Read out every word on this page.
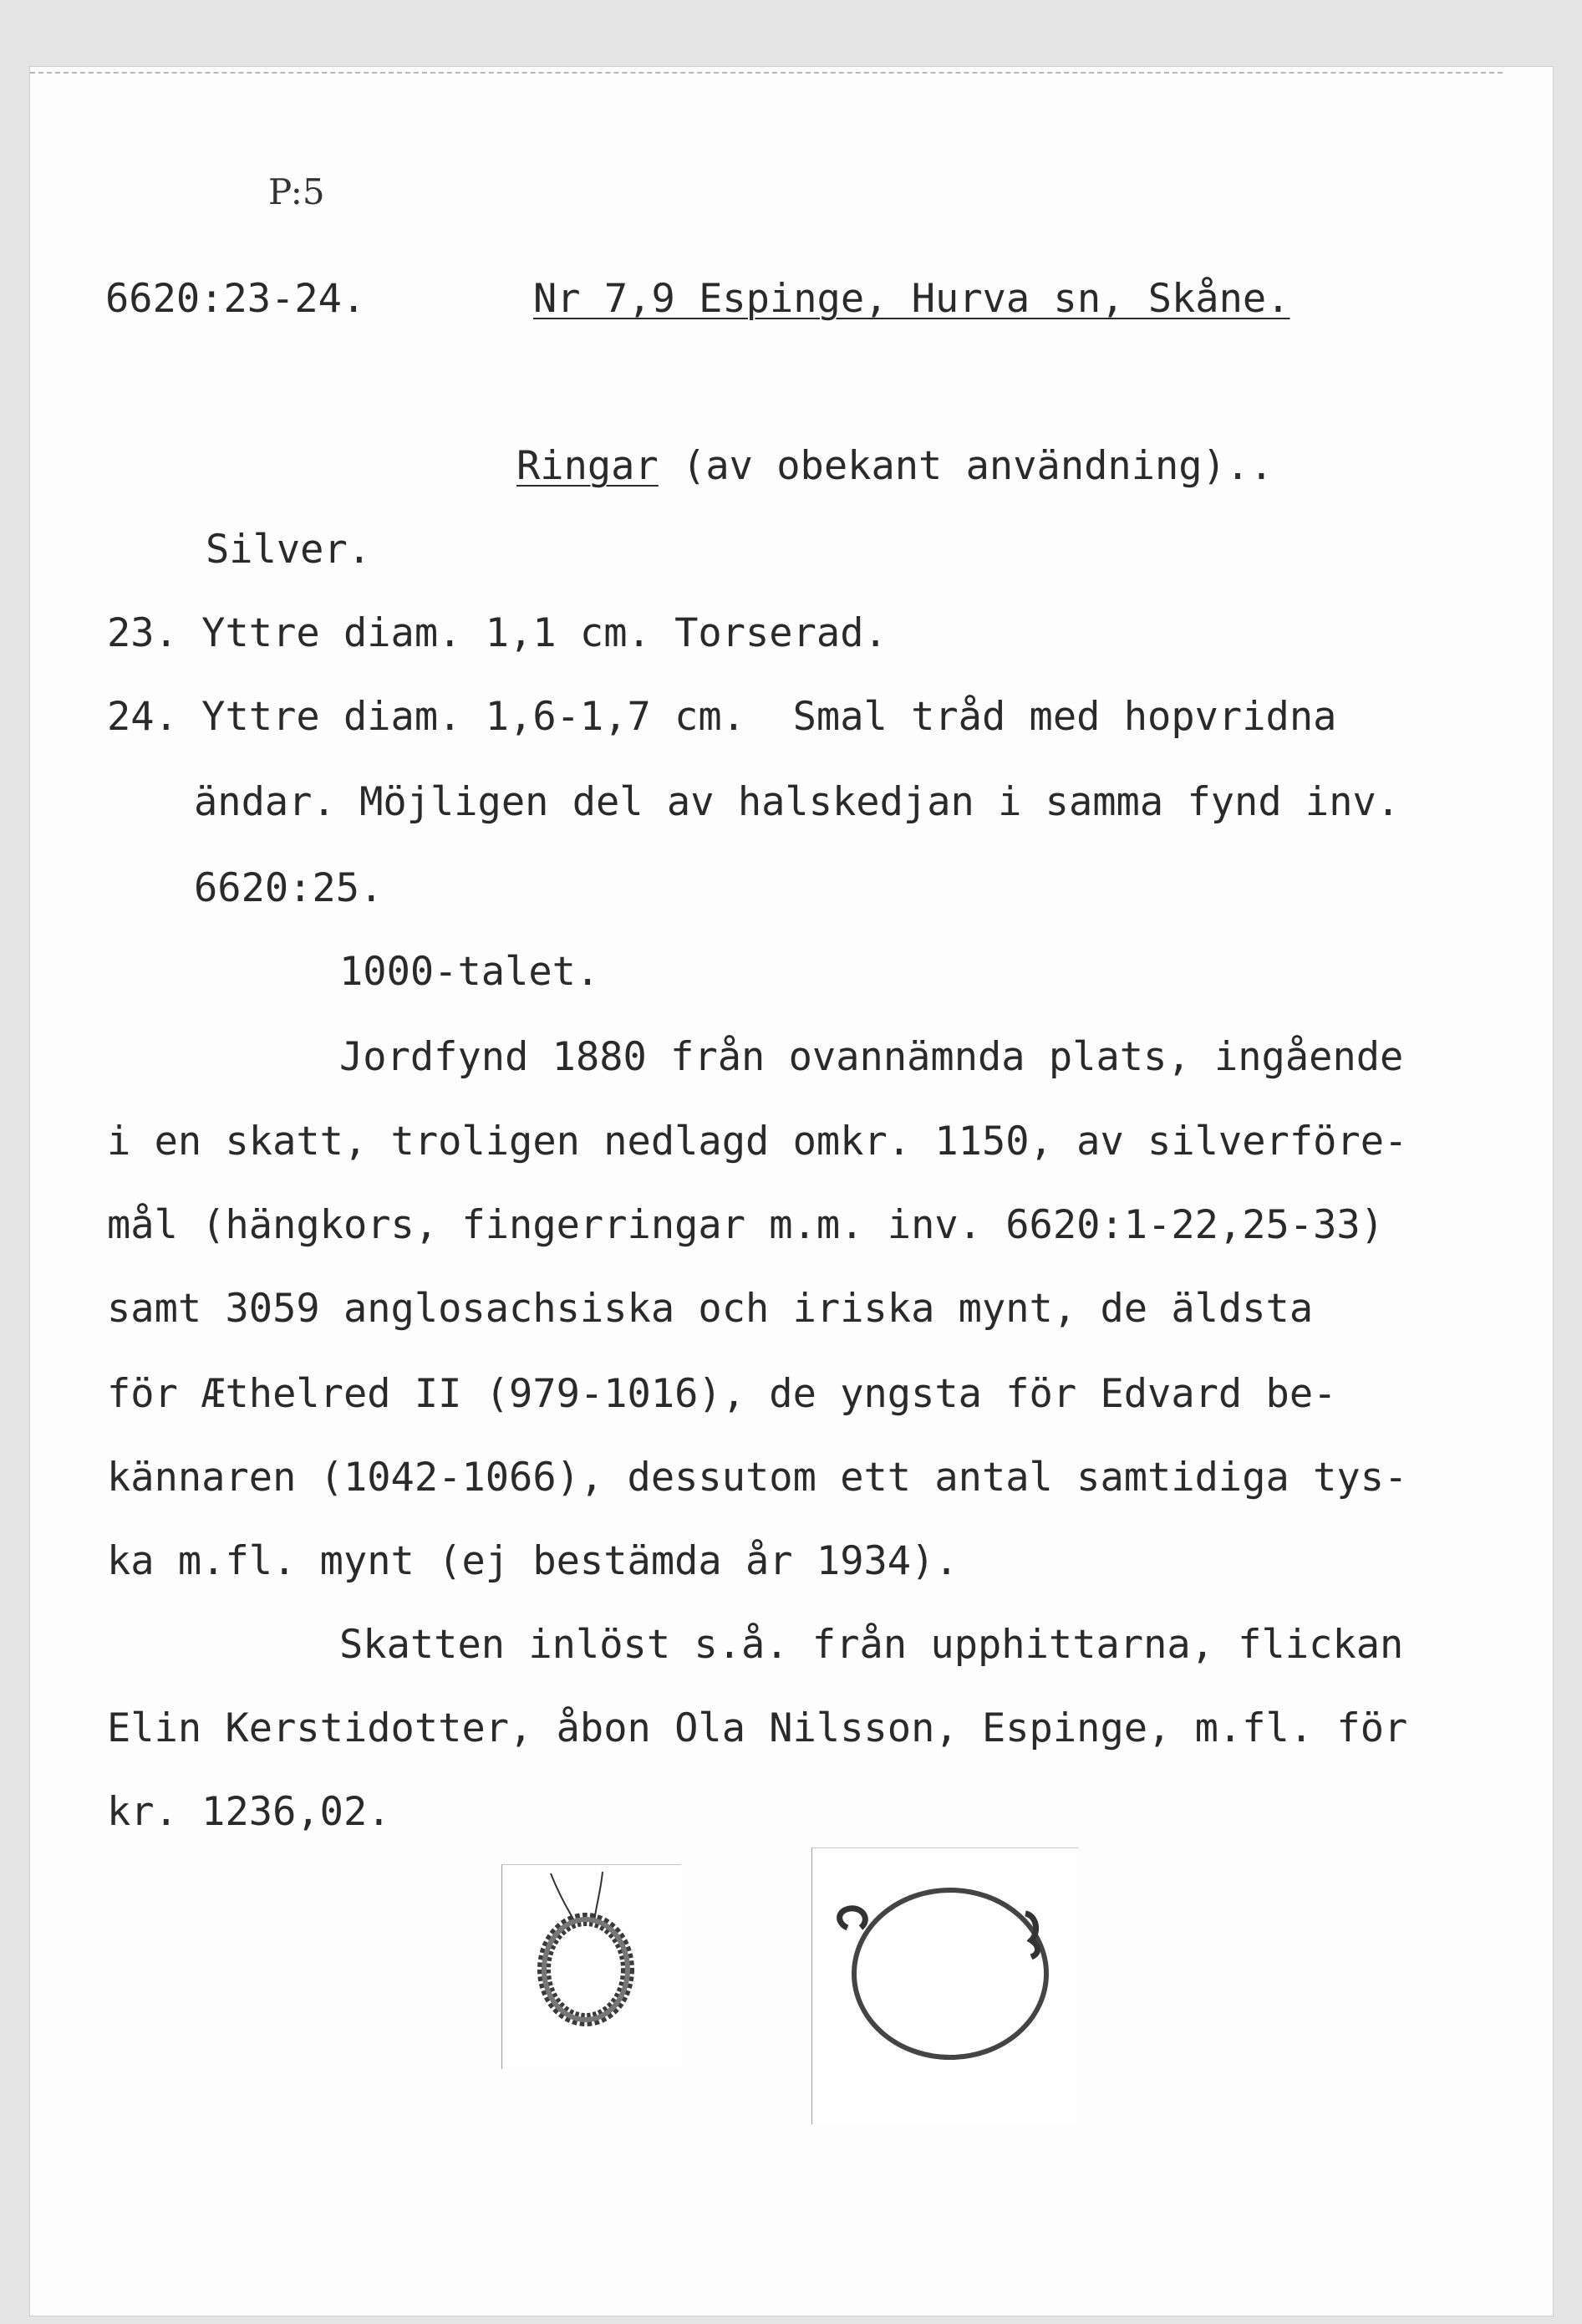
P:5
6620:23-24.	Nr 7,9 Espinge, Hurva sn, Skåne.
Ringar (av obekant användning)..
Silver.
23. Yttre diam. 1,1 cm. Torserad.
24. Yttre diam. 1,6-1,7 cm.  Smal tråd med hopvridna
ändar. Möjligen del av halskedjan i samma fynd inv.
6620:25.
1000-talet.
Jordfynd 1880 från ovannämnda plats, ingående
i en skatt, troligen nedlagd omkr. 1150, av silverföre-
mål (hängkors, fingerringar m.m. inv. 6620:1-22,25-33)
samt 3059 anglosachsiska och iriska mynt, de äldsta
för Æthelred II (979-1016), de yngsta för Edvard be-
kännaren (1042-1066), dessutom ett antal samtidiga tys-
ka m.fl. mynt (ej bestämda år 1934).
Skatten inlöst s.å. från upphittarna, flickan
Elin Kerstidotter, åbon Ola Nilsson, Espinge, m.fl. för
kr. 1236,02.
